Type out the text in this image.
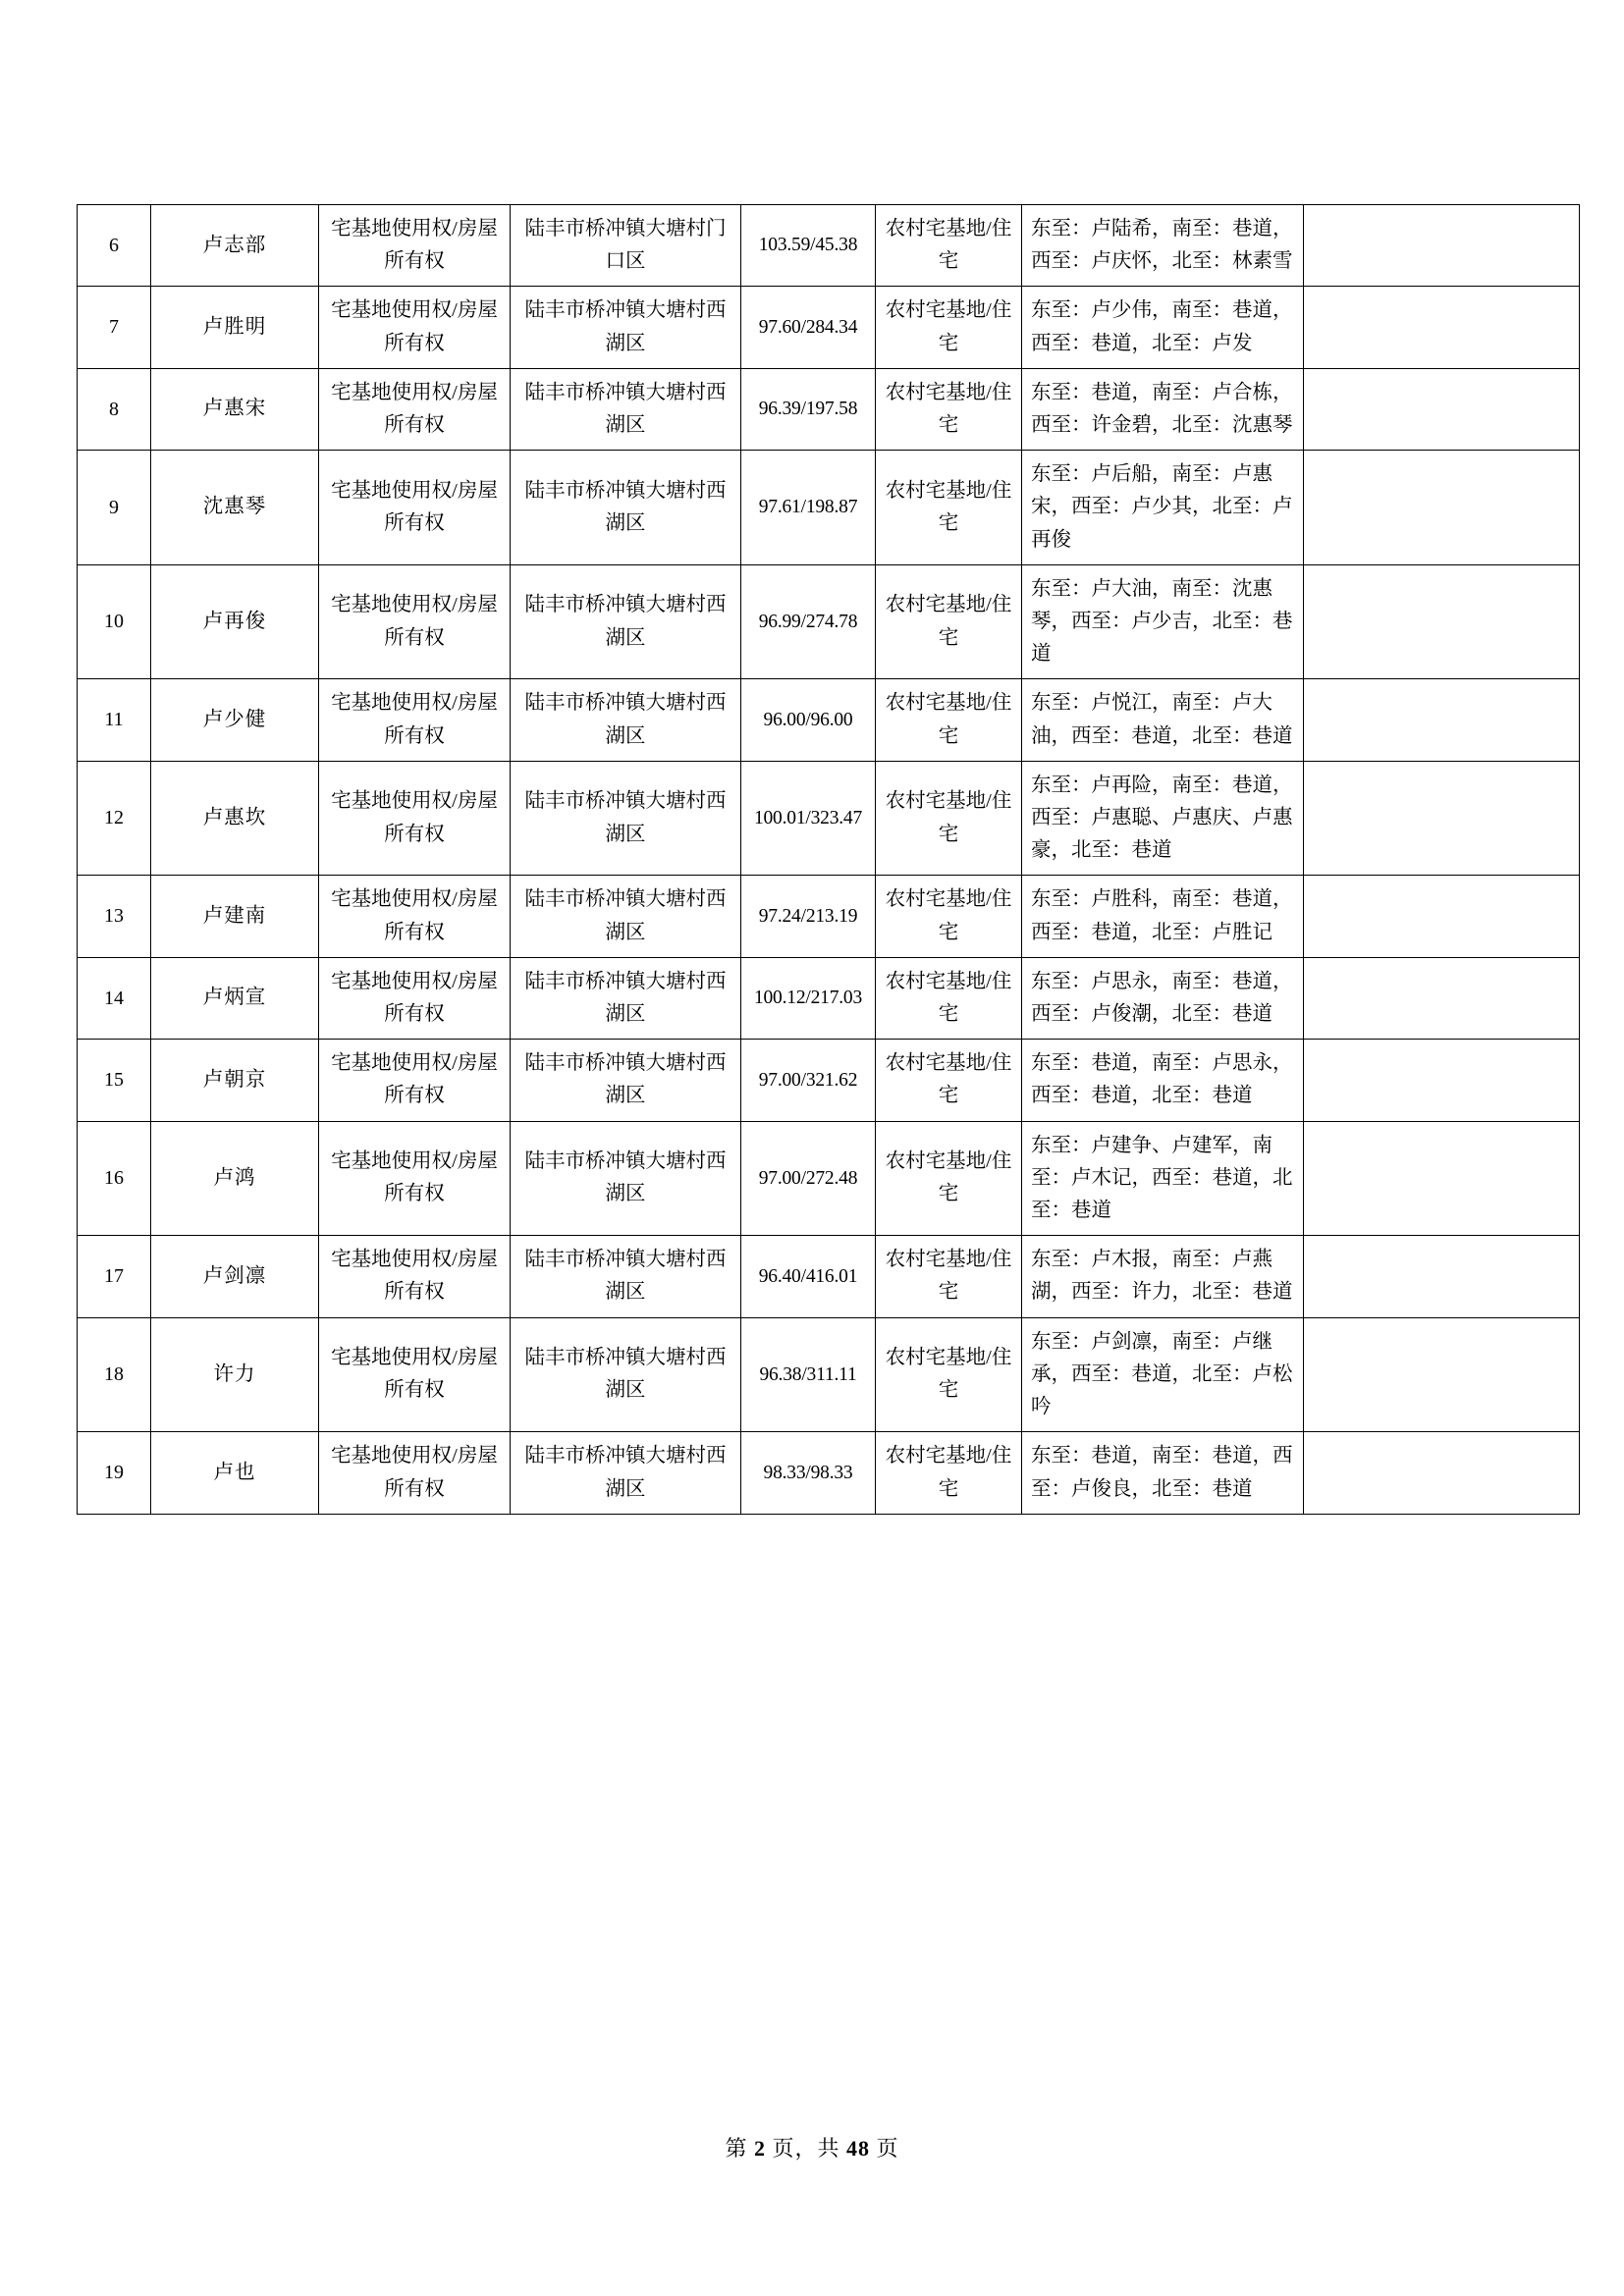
6	卢志部	宅基地使用权/房屋所有权	陆丰市桥冲镇大塘村门口区	103.59/45.38	农村宅基地/住宅	东至：卢陆希，南至：巷道，西至：卢庆怀，北至：林素雪	
7	卢胜明	宅基地使用权/房屋所有权	陆丰市桥冲镇大塘村西湖区	97.60/284.34	农村宅基地/住宅	东至：卢少伟，南至：巷道，西至：巷道，北至：卢发	
8	卢惠宋	宅基地使用权/房屋所有权	陆丰市桥冲镇大塘村西湖区	96.39/197.58	农村宅基地/住宅	东至：巷道，南至：卢合栋，西至：许金碧，北至：沈惠琴	
9	沈惠琴	宅基地使用权/房屋所有权	陆丰市桥冲镇大塘村西湖区	97.61/198.87	农村宅基地/住宅	东至：卢后船，南至：卢惠宋，西至：卢少其，北至：卢再俊	
10	卢再俊	宅基地使用权/房屋所有权	陆丰市桥冲镇大塘村西湖区	96.99/274.78	农村宅基地/住宅	东至：卢大油，南至：沈惠琴，西至：卢少吉，北至：巷道	
11	卢少健	宅基地使用权/房屋所有权	陆丰市桥冲镇大塘村西湖区	96.00/96.00	农村宅基地/住宅	东至：卢悦江，南至：卢大油，西至：巷道，北至：巷道	
12	卢惠坎	宅基地使用权/房屋所有权	陆丰市桥冲镇大塘村西湖区	100.01/323.47	农村宅基地/住宅	东至：卢再险，南至：巷道，西至：卢惠聪、卢惠庆、卢惠豪，北至：巷道	
13	卢建南	宅基地使用权/房屋所有权	陆丰市桥冲镇大塘村西湖区	97.24/213.19	农村宅基地/住宅	东至：卢胜科，南至：巷道，西至：巷道，北至：卢胜记	
14	卢炳宣	宅基地使用权/房屋所有权	陆丰市桥冲镇大塘村西湖区	100.12/217.03	农村宅基地/住宅	东至：卢思永，南至：巷道，西至：卢俊潮，北至：巷道	
15	卢朝京	宅基地使用权/房屋所有权	陆丰市桥冲镇大塘村西湖区	97.00/321.62	农村宅基地/住宅	东至：巷道，南至：卢思永，西至：巷道，北至：巷道	
16	卢鸿	宅基地使用权/房屋所有权	陆丰市桥冲镇大塘村西湖区	97.00/272.48	农村宅基地/住宅	东至：卢建争、卢建军，南至：卢木记，西至：巷道，北至：巷道	
17	卢剑凛	宅基地使用权/房屋所有权	陆丰市桥冲镇大塘村西湖区	96.40/416.01	农村宅基地/住宅	东至：卢木报，南至：卢燕湖，西至：许力，北至：巷道	
18	许力	宅基地使用权/房屋所有权	陆丰市桥冲镇大塘村西湖区	96.38/311.11	农村宅基地/住宅	东至：卢剑凛，南至：卢继承，西至：巷道，北至：卢松吟	
19	卢也	宅基地使用权/房屋所有权	陆丰市桥冲镇大塘村西湖区	98.33/98.33	农村宅基地/住宅	东至：巷道，南至：巷道，西至：卢俊良，北至：巷道	
第 2 页，共 48 页
